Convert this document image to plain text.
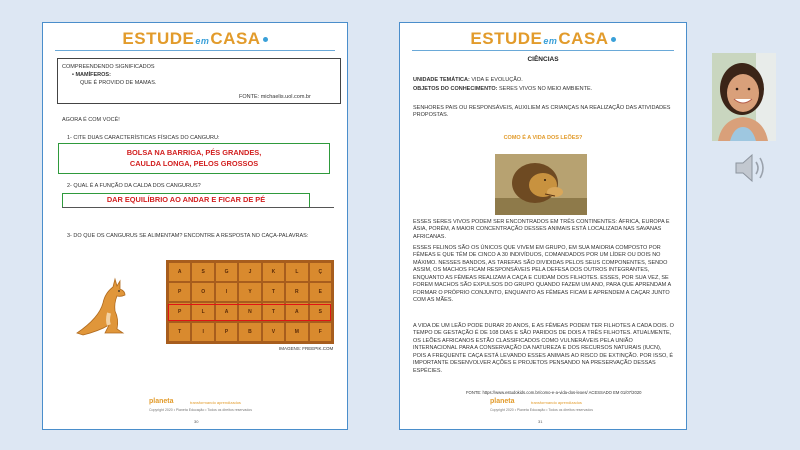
ESTUDEemCASA
COMPREENDENDO SIGNIFICADOS
• MAMÍFEROS:
QUE É PROVIDO DE MAMAS.
FONTE: michaelis.uol.com.br
AGORA É COM VOCÊ!
1- CITE DUAS CARACTERÍSTICAS FÍSICAS DO CANGURU:
BOLSA NA BARRIGA, PÉS GRANDES, CAULDA LONGA, PELOS GROSSOS
2- QUAL É A FUNÇÃO DA CALDA DOS CANGURUS?
DAR EQUILÍBRIO AO ANDAR E FICAR DE PÉ
3- DO QUE OS CANGURUS SE ALIMENTAM? ENCONTRE A RESPOSTA NO CAÇA-PALAVRAS:
A	S	G	J	K	L	Ç
P	O	I	Y	T	R	E
P	L	A	N	T	A	S
T	I	P	B	V	M	F
IMAGENS: FREEPIK.COM
planeta	transformando aprendizados
Copyright 2020 • Planeta Educação • Todos os direitos reservados
30
ESTUDEemCASA
CIÊNCIAS
UNIDADE TEMÁTICA: VIDA E EVOLUÇÃO.
OBJETOS DO CONHECIMENTO: SERES VIVOS NO MEIO AMBIENTE.
SENHORES PAIS OU RESPONSÁVEIS, AUXILIEM AS CRIANÇAS NA REALIZAÇÃO DAS ATIVIDADES PROPOSTAS.
COMO É A VIDA DOS LEÕES?
ESSES SERES VIVOS PODEM SER ENCONTRADOS EM TRÊS CONTINENTES: ÁFRICA, EUROPA E ÁSIA, PORÉM, A MAIOR CONCENTRAÇÃO DESSES ANIMAIS ESTÁ LOCALIZADA NAS SAVANAS AFRICANAS.
ESSES FELINOS SÃO OS ÚNICOS QUE VIVEM EM GRUPO, EM SUA MAIORIA COMPOSTO POR FÊMEAS E QUE TÊM DE CINCO A 30 INDIVÍDUOS, COMANDADOS POR UM LÍDER OU DOIS NO MÁXIMO. NESSES BANDOS, AS TAREFAS SÃO DIVIDIDAS PELOS SEUS COMPONENTES, SENDO ASSIM, OS MACHOS FICAM RESPONSÁVEIS PELA DEFESA DOS OUTROS INTEGRANTES, ENQUANTO AS FÊMEAS REALIZAM A CAÇA E CUIDAM DOS FILHOTES. ESSES, POR SUA VEZ, SE FOREM MACHOS SÃO EXPULSOS DO GRUPO QUANDO FAZEM UM ANO, PARA QUE APRENDAM A FORMAR O PRÓPRIO CONJUNTO, ENQUANTO AS FÊMEAS FICAM E APRENDEM A CAÇAR JUNTO COM AS MÃES.
A VIDA DE UM LEÃO PODE DURAR 20 ANOS, E AS FÊMEAS PODEM TER FILHOTES A CADA DOIS. O TEMPO DE GESTAÇÃO É DE 108 DIAS E SÃO PARIDOS DE DOIS A TRÊS FILHOTES. ATUALMENTE, OS LEÕES AFRICANOS ESTÃO CLASSIFICADOS COMO VULNERÁVEIS PELA UNIÃO INTERNACIONAL PARA A CONSERVAÇÃO DA NATUREZA E DOS RECURSOS NATURAIS (IUCN), POIS A FREQUENTE CAÇA ESTÁ LEVANDO ESSES ANIMAIS AO RISCO DE EXTINÇÃO. POR ISSO, É IMPORTANTE DESENVOLVER AÇÕES E PROJETOS PENSANDO NA PRESERVAÇÃO DESSAS ESPÉCIES.
FONTE: https://www.estudokids.com.br/como-e-a-vida-dos-leoes/ ACESSADO EM 01/07/2020
planeta	transformando aprendizados
Copyright 2020 • Planeta Educação • Todos os direitos reservados
31
